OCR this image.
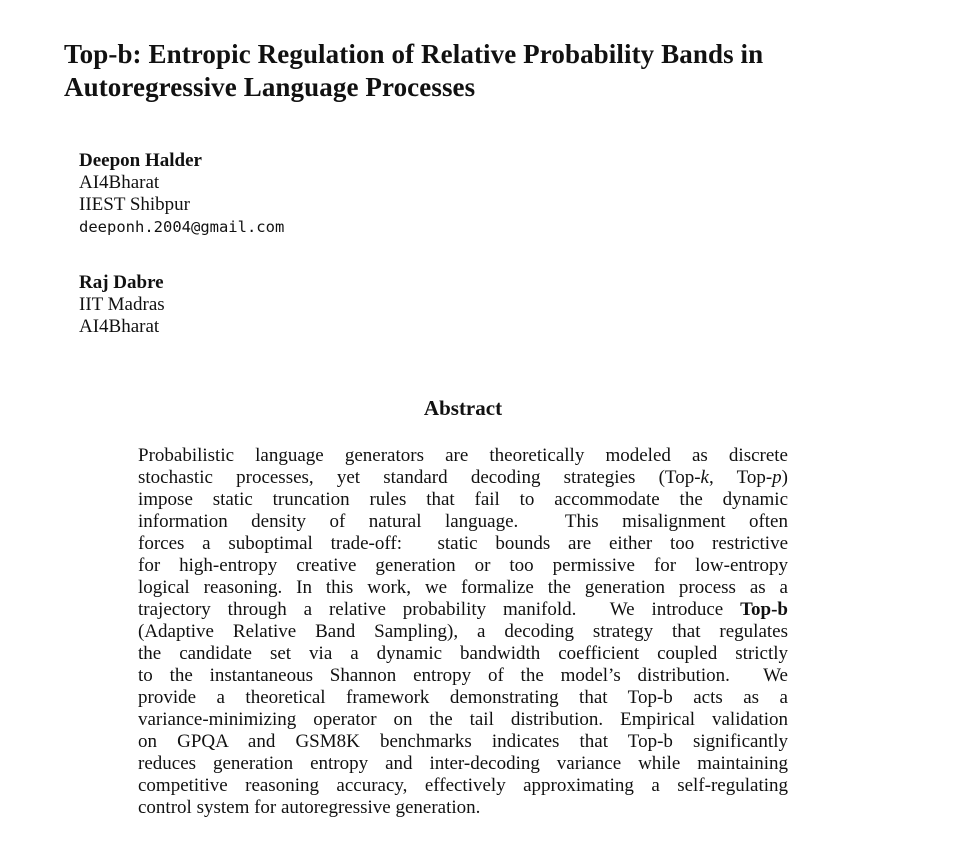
Top-b: Entropic Regulation of Relative Probability Bands in
Autoregressive Language Processes
Deepon Halder
AI4Bharat
IIEST Shibpur
deeponh.2004@gmail.com
Raj Dabre
IIT Madras
AI4Bharat
Abstract
Probabilistic language generators are theoretically modeled as discrete
stochastic processes, yet standard decoding strategies (Top-k, Top-p)
impose static truncation rules that fail to accommodate the dynamic
information density of natural language.  This misalignment often
forces a suboptimal trade-off:  static bounds are either too restrictive
for high-entropy creative generation or too permissive for low-entropy
logical reasoning. In this work, we formalize the generation process as a
trajectory through a relative probability manifold.  We introduce Top-b
(Adaptive Relative Band Sampling), a decoding strategy that regulates
the candidate set via a dynamic bandwidth coefficient coupled strictly
to the instantaneous Shannon entropy of the model’s distribution.  We
provide a theoretical framework demonstrating that Top-b acts as a
variance-minimizing operator on the tail distribution. Empirical validation
on GPQA and GSM8K benchmarks indicates that Top-b significantly
reduces generation entropy and inter-decoding variance while maintaining
competitive reasoning accuracy, effectively approximating a self-regulating
control system for autoregressive generation.
